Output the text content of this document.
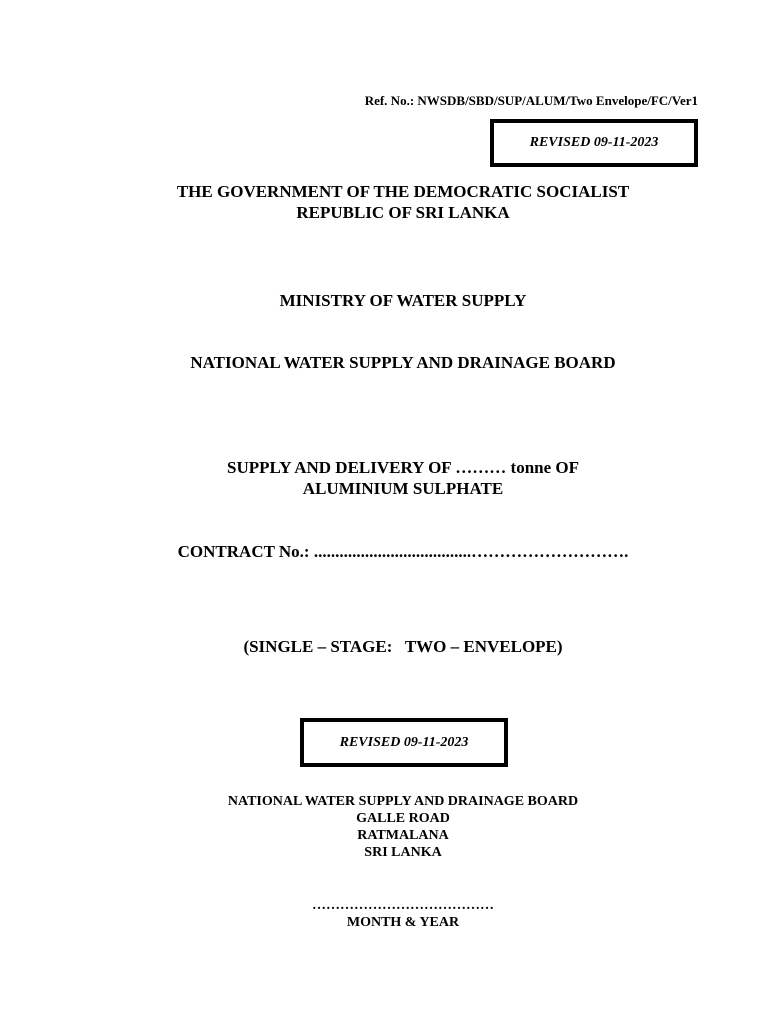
Ref. No.: NWSDB/SBD/SUP/ALUM/Two Envelope/FC/Ver1
REVISED 09-11-2023
THE GOVERNMENT OF THE DEMOCRATIC SOCIALIST
REPUBLIC OF SRI LANKA
MINISTRY OF WATER SUPPLY
NATIONAL WATER SUPPLY AND DRAINAGE BOARD
SUPPLY AND DELIVERY OF ……… tonne OF
ALUMINIUM SULPHATE
CONTRACT No.: .....................................……………………….
(SINGLE – STAGE:   TWO – ENVELOPE)
REVISED 09-11-2023
NATIONAL WATER SUPPLY AND DRAINAGE BOARD
GALLE ROAD
RATMALANA
SRI LANKA
…………………………………
MONTH & YEAR
